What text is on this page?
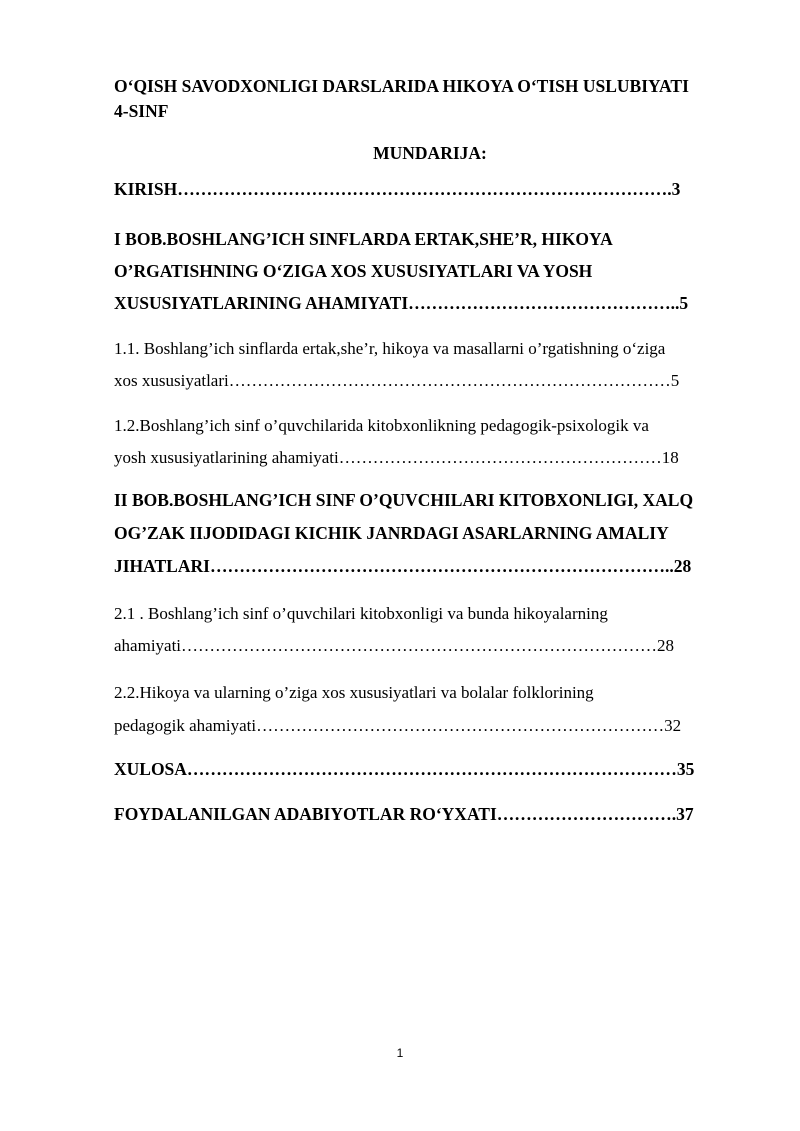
O‘QISH SAVODXONLIGI DARSLARIDA HIKOYA O‘TISH USLUBIYATI
4-SINF
MUNDARIJA:
KIRISH………………………………………………………………………….3
I BOB.BOSHLANG’ICH SINFLARDA ERTAK,SHE’R, HIKOYA
O’RGATISHNING O‘ZIGA XOS XUSUSIYATLARI VA YOSH
XUSUSIYATLARINING AHAMIYATI………………………………………..5
1.1. Boshlang’ich sinflarda ertak,she’r, hikoya va masallarni o’rgatishning o‘ziga
xos xususiyatlari……………………………………………………………………5
1.2.Boshlang’ich sinf o’quvchilarida kitobxonlikning pedagogik-psixologik va
yosh xususiyatlarining ahamiyati…………………………………………………18
II BOB.BOSHLANG’ICH SINF O’QUVCHILARI KITOBXONLIGI, XALQ
OG’ZAK IIJODIDAGI KICHIK JANRDAGI ASARLARNING AMALIY
JIHATLARI……………………………………………………………………..28
2.1 . Boshlang’ich sinf o’quvchilari kitobxonligi va bunda hikoyalarning
ahamiyati…………………………………………………………………………28
2.2.Hikoya va ularning o’ziga xos xususiyatlari va bolalar folklorining
pedagogik ahamiyati………………………………………………………………32
XULOSA…………………………………………………………………………35
FOYDALANILGAN ADABIYOTLAR RO‘YXATI………………………….37
1
